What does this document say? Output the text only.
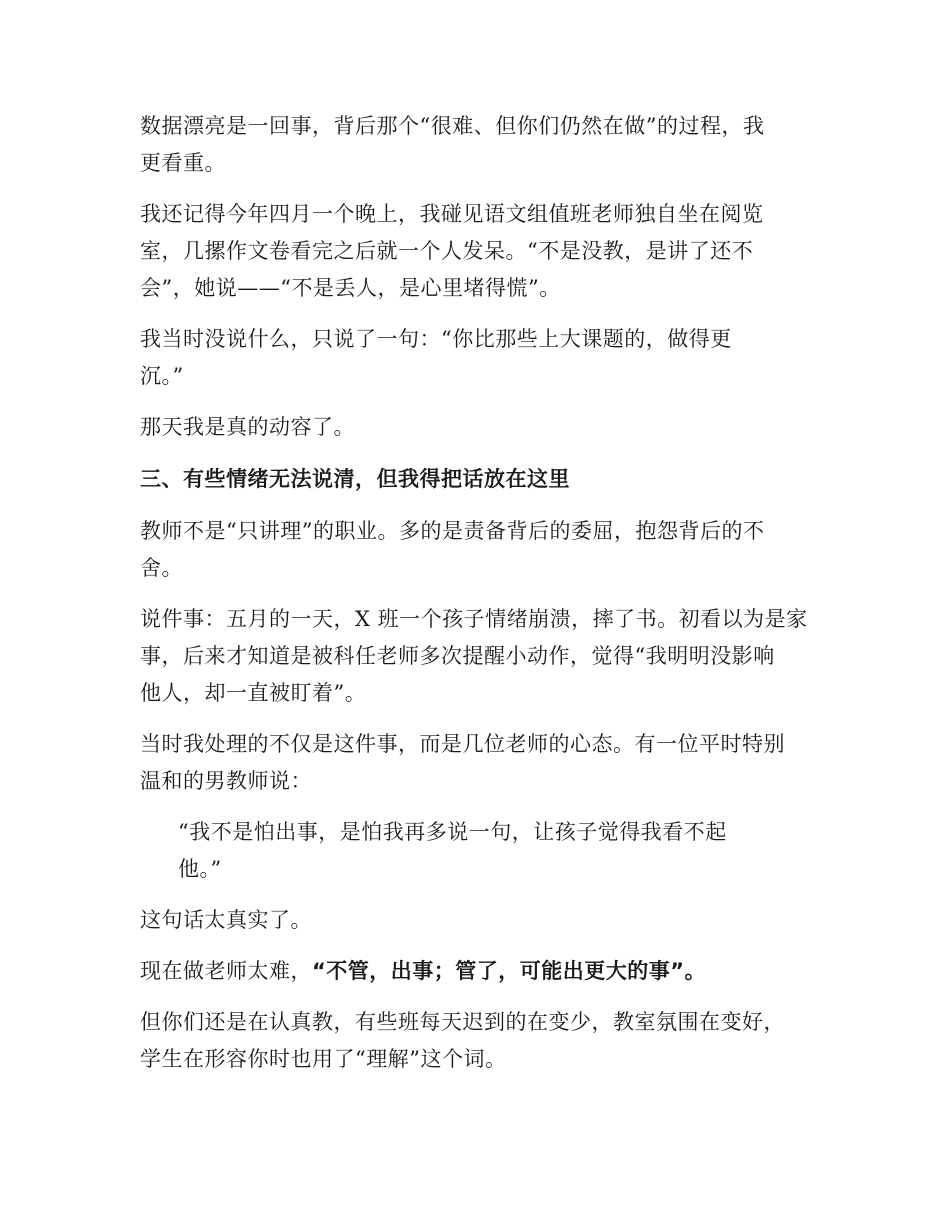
数据漂亮是一回事，背后那个“很难、但你们仍然在做”的过程，我
更看重。
我还记得今年四月一个晚上，我碰见语文组值班老师独自坐在阅览
室，几摞作文卷看完之后就一个人发呆。“不是没教，是讲了还不
会”，她说——“不是丢人，是心里堵得慌”。
我当时没说什么，只说了一句：“你比那些上大课题的，做得更
沉。”
那天我是真的动容了。
三、有些情绪无法说清，但我得把话放在这里
教师不是“只讲理”的职业。多的是责备背后的委屈，抱怨背后的不
舍。
说件事：五月的一天，X 班一个孩子情绪崩溃，摔了书。初看以为是家
事，后来才知道是被科任老师多次提醒小动作，觉得“我明明没影响
他人，却一直被盯着”。
当时我处理的不仅是这件事，而是几位老师的心态。有一位平时特别
温和的男教师说：
“我不是怕出事，是怕我再多说一句，让孩子觉得我看不起
他。”
这句话太真实了。
现在做老师太难，“不管，出事；管了，可能出更大的事”。
但你们还是在认真教，有些班每天迟到的在变少，教室氛围在变好，
学生在形容你时也用了“理解”这个词。
